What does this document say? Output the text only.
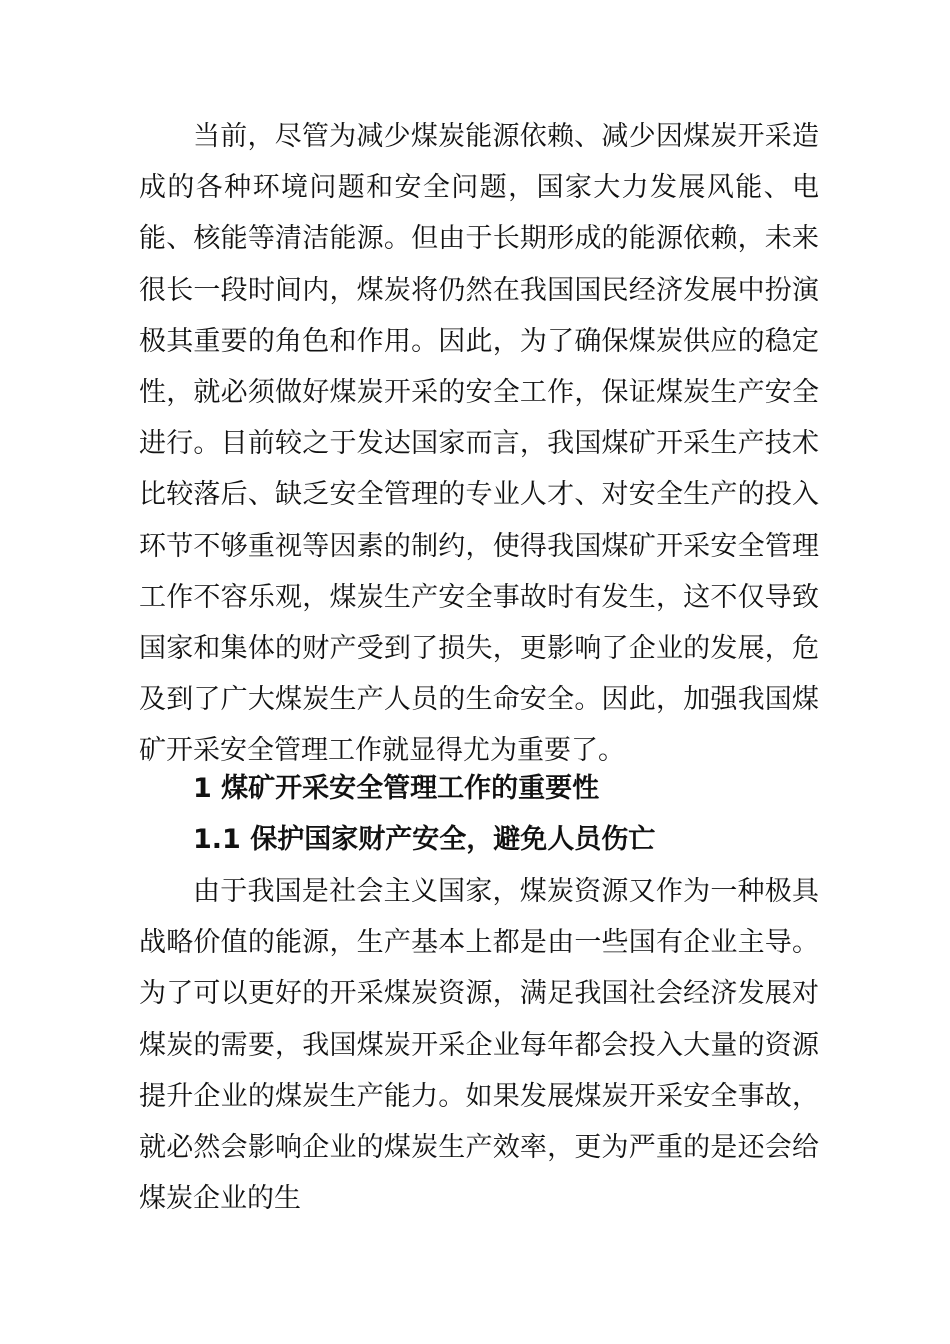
当前，尽管为减少煤炭能源依赖、减少因煤炭开采造成的各种环境问题和安全问题，国家大力发展风能、电能、核能等清洁能源。但由于长期形成的能源依赖，未来很长一段时间内，煤炭将仍然在我国国民经济发展中扮演极其重要的角色和作用。因此，为了确保煤炭供应的稳定性，就必须做好煤炭开采的安全工作，保证煤炭生产安全进行。目前较之于发达国家而言，我国煤矿开采生产技术比较落后、缺乏安全管理的专业人才、对安全生产的投入环节不够重视等因素的制约，使得我国煤矿开采安全管理工作不容乐观，煤炭生产安全事故时有发生，这不仅导致国家和集体的财产受到了损失，更影响了企业的发展，危及到了广大煤炭生产人员的生命安全。因此，加强我国煤矿开采安全管理工作就显得尤为重要了。

1 煤矿开采安全管理工作的重要性
1.1 保护国家财产安全，避免人员伤亡

由于我国是社会主义国家，煤炭资源又作为一种极具战略价值的能源，生产基本上都是由一些国有企业主导。为了可以更好的开采煤炭资源，满足我国社会经济发展对煤炭的需要，我国煤炭开采企业每年都会投入大量的资源提升企业的煤炭生产能力。如果发展煤炭开采安全事故，就必然会影响企业的煤炭生产效率，更为严重的是还会给煤炭企业的生
